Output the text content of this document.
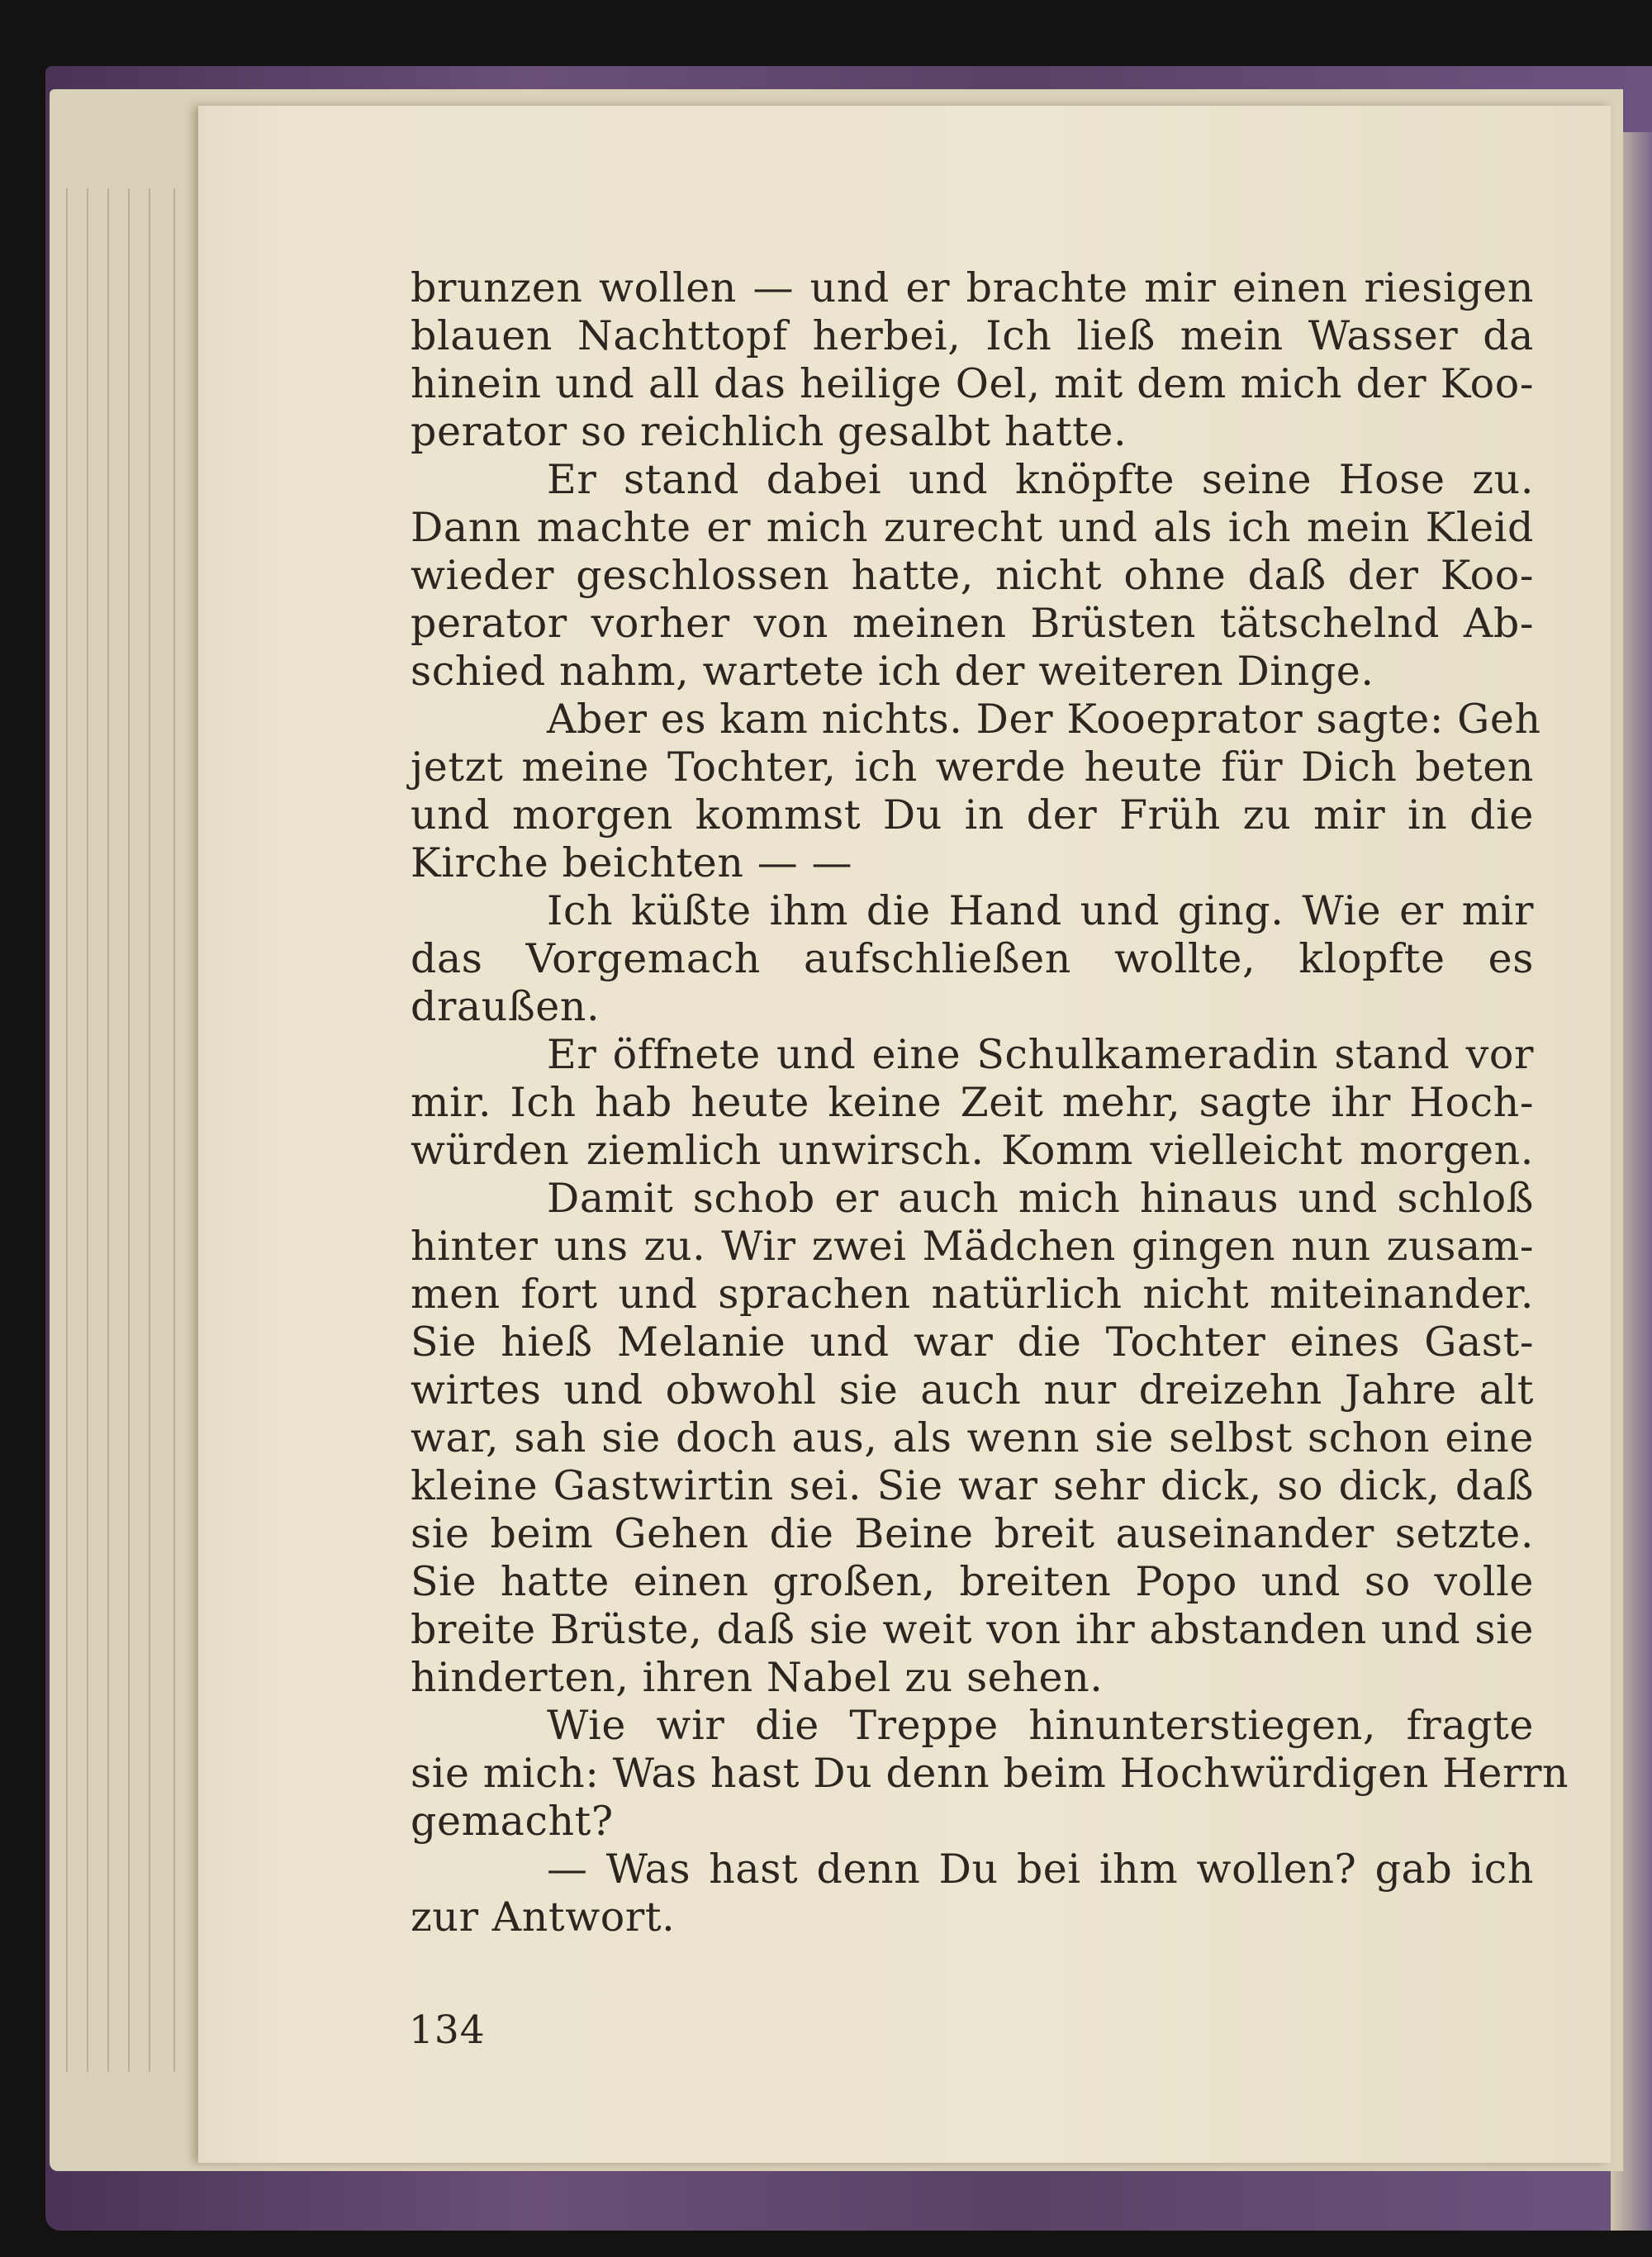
brunzen wollen — und er brachte mir einen riesigen
blauen Nachttopf herbei, Ich ließ mein Wasser da
hinein und all das heilige Oel, mit dem mich der Koo-
perator so reichlich gesalbt hatte.
Er stand dabei und knöpfte seine Hose zu.
Dann machte er mich zurecht und als ich mein Kleid
wieder geschlossen hatte, nicht ohne daß der Koo-
perator vorher von meinen Brüsten tätschelnd Ab-
schied nahm, wartete ich der weiteren Dinge.
Aber es kam nichts. Der Kooeprator sagte: Geh
jetzt meine Tochter, ich werde heute für Dich beten
und morgen kommst Du in der Früh zu mir in die
Kirche beichten — —
Ich küßte ihm die Hand und ging. Wie er mir
das Vorgemach aufschließen wollte, klopfte es
draußen.
Er öffnete und eine Schulkameradin stand vor
mir. Ich hab heute keine Zeit mehr, sagte ihr Hoch-
würden ziemlich unwirsch. Komm vielleicht morgen.
Damit schob er auch mich hinaus und schloß
hinter uns zu. Wir zwei Mädchen gingen nun zusam-
men fort und sprachen natürlich nicht miteinander.
Sie hieß Melanie und war die Tochter eines Gast-
wirtes und obwohl sie auch nur dreizehn Jahre alt
war, sah sie doch aus, als wenn sie selbst schon eine
kleine Gastwirtin sei. Sie war sehr dick, so dick, daß
sie beim Gehen die Beine breit auseinander setzte.
Sie hatte einen großen, breiten Popo und so volle
breite Brüste, daß sie weit von ihr abstanden und sie
hinderten, ihren Nabel zu sehen.
Wie wir die Treppe hinunterstiegen, fragte
sie mich: Was hast Du denn beim Hochwürdigen Herrn
gemacht?
— Was hast denn Du bei ihm wollen? gab ich
zur Antwort.
134
